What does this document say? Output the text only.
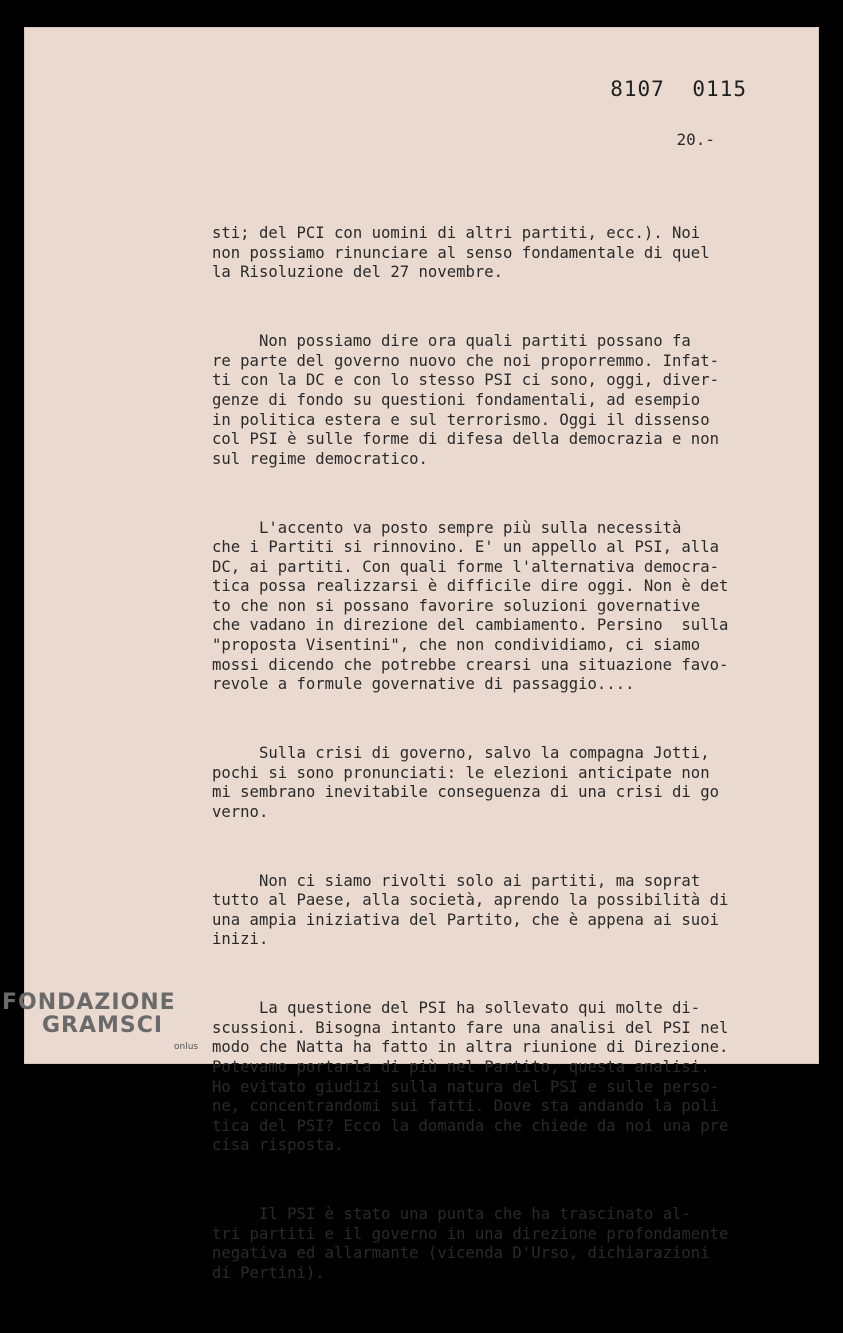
8107 0115
20.-

sti; del PCI con uomini di altri partiti, ecc.). Noi
non possiamo rinunciare al senso fondamentale di quel
la Risoluzione del 27 novembre.

Non possiamo dire ora quali partiti possano fa
re parte del governo nuovo che noi proporremmo. Infat-
ti con la DC e con lo stesso PSI ci sono, oggi, diver-
genze di fondo su questioni fondamentali, ad esempio
in politica estera e sul terrorismo. Oggi il dissenso
col PSI è sulle forme di difesa della democrazia e non
sul regime democratico.

L'accento va posto sempre più sulla necessità
che i Partiti si rinnovino. E' un appello al PSI, alla
DC, ai partiti. Con quali forme l'alternativa democra-
tica possa realizzarsi è difficile dire oggi. Non è det
to che non si possano favorire soluzioni governative
che vadano in direzione del cambiamento. Persino  sulla
"proposta Visentini", che non condividiamo, ci siamo
mossi dicendo che potrebbe crearsi una situazione favo-
revole a formule governative di passaggio....

Sulla crisi di governo, salvo la compagna Jotti,
pochi si sono pronunciati: le elezioni anticipate non
mi sembrano inevitabile conseguenza di una crisi di go
verno.

Non ci siamo rivolti solo ai partiti, ma soprat
tutto al Paese, alla società, aprendo la possibilità di
una ampia iniziativa del Partito, che è appena ai suoi
inizi.

La questione del PSI ha sollevato qui molte di-
scussioni. Bisogna intanto fare una analisi del PSI nel
modo che Natta ha fatto in altra riunione di Direzione.
Potevamo portarla di più nel Partito, questa analisi.
Ho evitato giudizi sulla natura del PSI e sulle perso-
ne, concentrandomi sui fatti. Dove sta andando la poli
tica del PSI? Ecco la domanda che chiede da noi una pre
cisa risposta.

Il PSI è stato una punta che ha trascinato al-
tri partiti e il governo in una direzione profondamente
negativa ed allarmante (vicenda D'Urso, dichiarazioni
di Pertini).

FONDAZIONE
GRAMSCI
onlus
